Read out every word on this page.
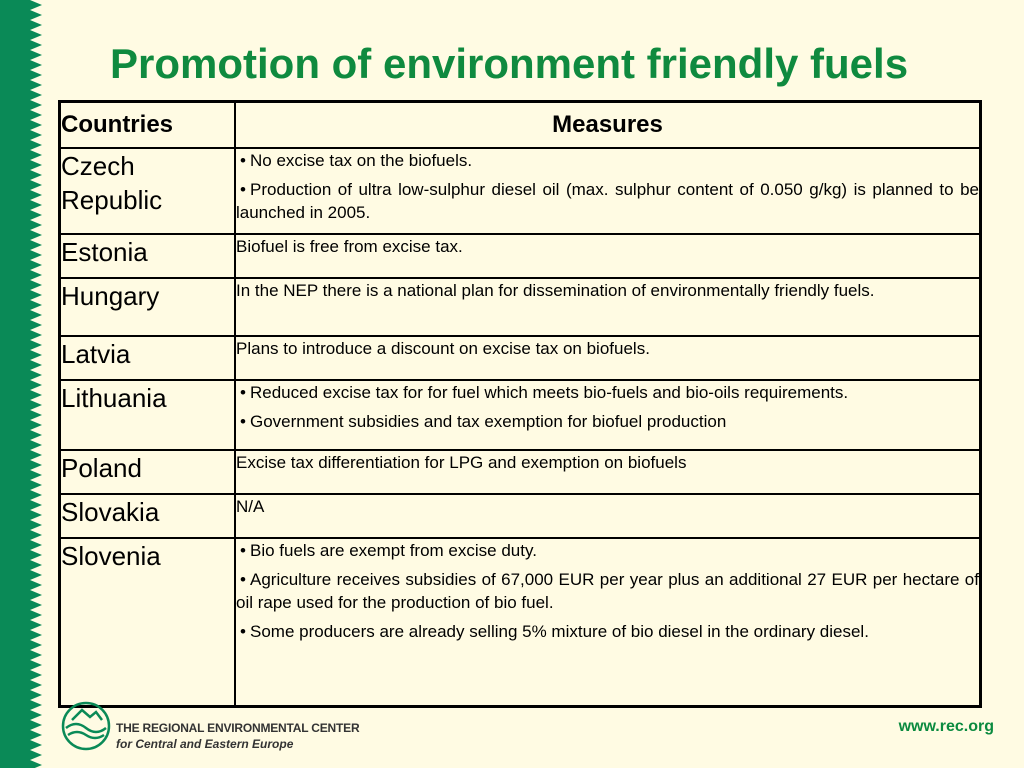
Promotion of environment friendly fuels
Countries	Measures
Czech Republic	• No excise tax on the biofuels.
• Production of ultra low-sulphur diesel oil (max. sulphur content of 0.050 g/kg) is planned to be launched in 2005.

Estonia	Biofuel is free from excise tax.

Hungary	In the NEP there is a national plan for dissemination of environmentally friendly fuels.

Latvia	Plans to introduce a discount on excise tax on biofuels.

Lithuania	• Reduced excise tax for for fuel which meets bio-fuels and bio-oils requirements.
• Government subsidies and tax exemption for biofuel production

Poland	Excise tax differentiation for LPG and exemption on biofuels

Slovakia	N/A

Slovenia	• Bio fuels are exempt from excise duty.
• Agriculture receives subsidies of 67,000 EUR per year plus an additional 27 EUR per hectare of oil rape used for the production of bio fuel.
• Some producers are already selling 5% mixture of bio diesel in the ordinary diesel.
THE REGIONAL ENVIRONMENTAL CENTER
for Central and Eastern Europe
www.rec.org
